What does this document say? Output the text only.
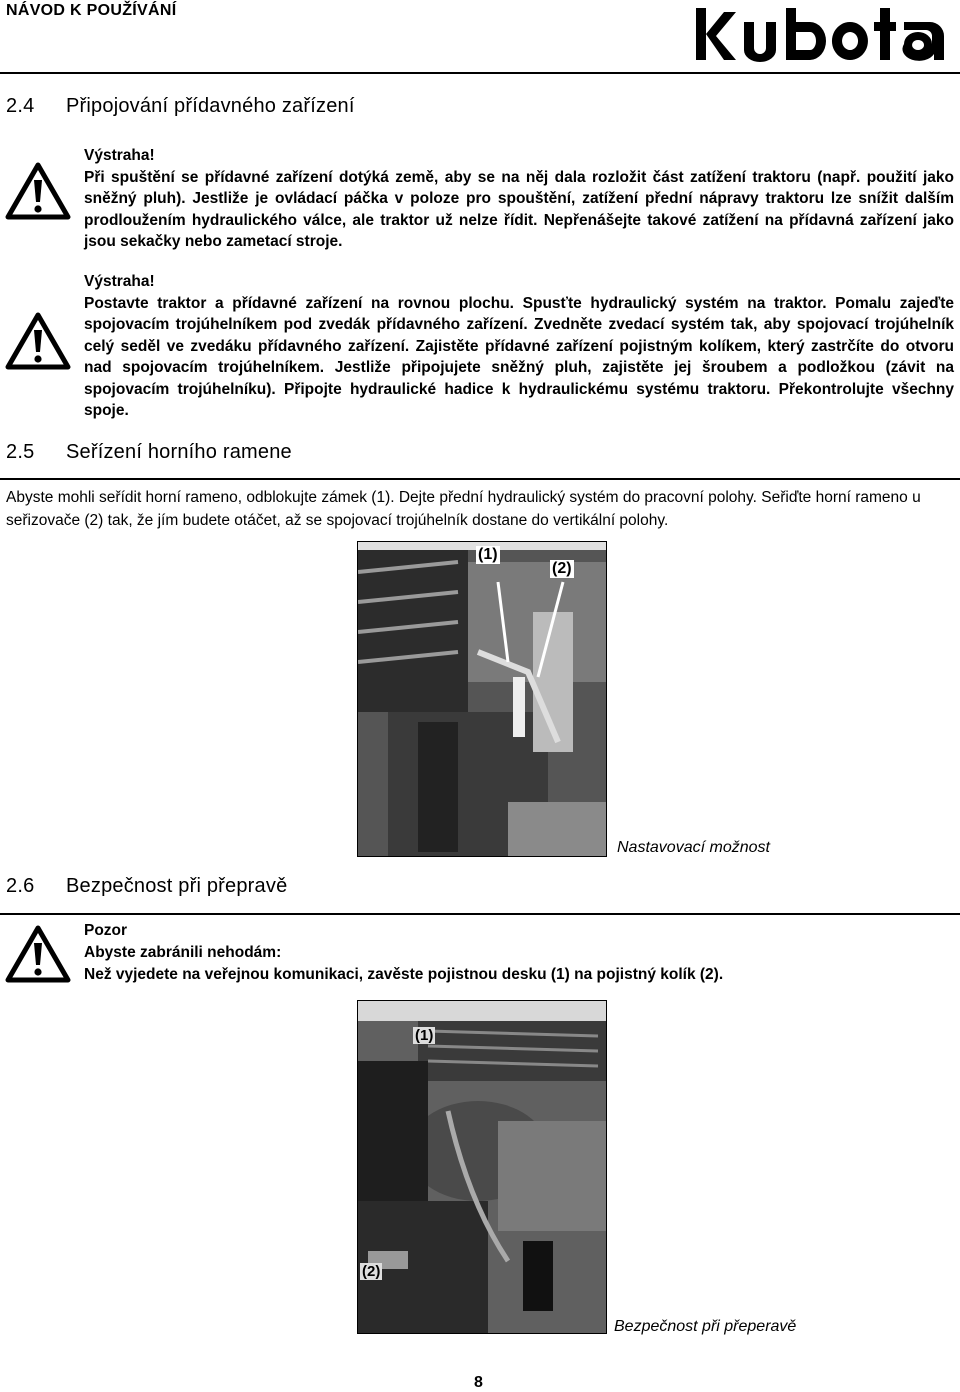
NÁVOD K POUŽÍVÁNÍ
2.4 Připojování přídavného zařízení

Výstraha!

Při spuštění se přídavné zařízení dotýká země, aby se na něj dala rozložit část zatížení traktoru (např. použití jako sněžný pluh). Jestliže je ovládací páčka v poloze pro spouštění, zatížení přední nápravy traktoru lze snížit dalším prodloužením hydraulického válce, ale traktor už nelze řídit. Nepřenášejte takové zatížení na přídavná zařízení jako jsou sekačky nebo zametací stroje.

Výstraha!

Postavte traktor a přídavné zařízení na rovnou plochu. Spusťte hydraulický systém na traktor. Pomalu zajeďte spojovacím trojúhelníkem pod zvedák přídavného zařízení. Zvedněte zvedací systém tak, aby spojovací trojúhelník celý seděl ve zvedáku přídavného zařízení. Zajistěte přídavné zařízení pojistným kolíkem, který zastrčíte do otvoru nad spojovacím trojúhelníkem. Jestliže připojujete sněžný pluh, zajistěte jej šroubem a podložkou (závit na spojovacím trojúhelníku). Připojte hydraulické hadice k hydraulickému systému traktoru. Překontrolujte všechny spoje.

2.5 Seřízení horního ramene
Abyste mohli seřídit horní rameno, odblokujte zámek (1). Dejte přední hydraulický systém do pracovní polohy. Seřiďte horní rameno u seřizovače (2) tak, že jím budete otáčet, až se spojovací trojúhelník dostane do vertikální polohy.
(1)
(2)
Nastavovací možnost
2.6 Bezpečnost při přepravě

Pozor

Abyste zabránili nehodám:

Než vyjedete na veřejnou komunikaci, zavěste pojistnou desku (1) na pojistný kolík (2).

(1)
(2)
Bezpečnost při přeperavě
8
